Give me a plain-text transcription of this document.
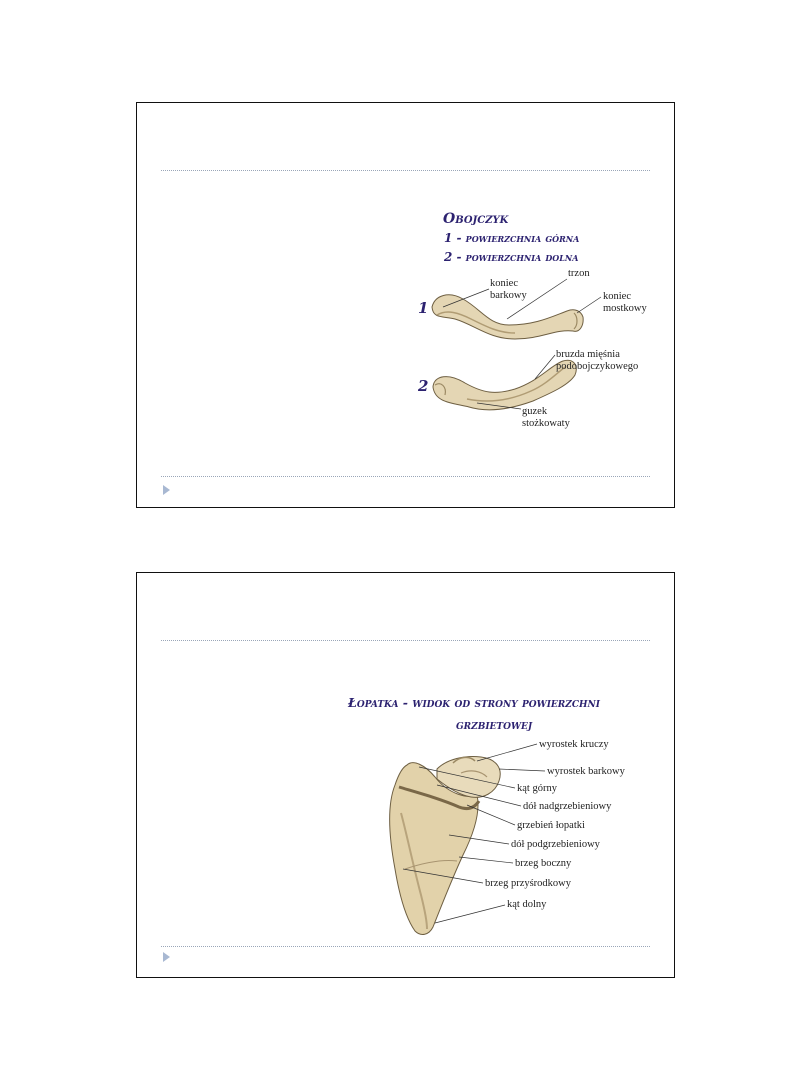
Obojczyk
1 - powierzchnia górna
2 - powierzchnia dolna
1
2
koniec
barkowy
trzon
koniec
mostkowy
bruzda mięśnia
podobojczykowego
guzek
stożkowaty
Łopatka - widok od strony powierzchni
grzbietowej
wyrostek kruczy
wyrostek barkowy
kąt górny
dół nadgrzebieniowy
grzebień łopatki
dół podgrzebieniowy
brzeg boczny
brzeg przyśrodkowy
kąt dolny
